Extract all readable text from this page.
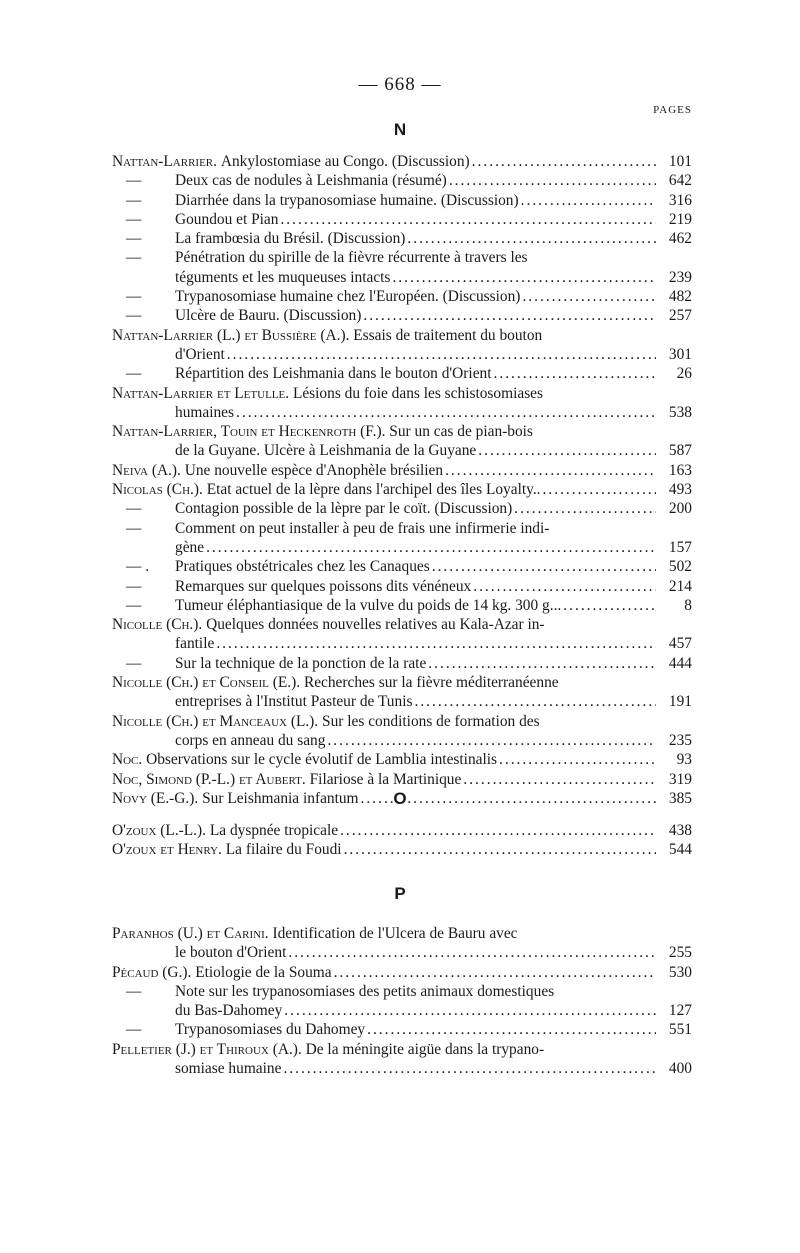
— 668 —
PAGES
N
Nattan-Larrier.
Ankylostomiase au Congo. (Discussion) .....	101
—	Deux cas de nodules à Leishmania (résumé) .....	642
—	Diarrhée dans la trypanosomiase humaine. (Discussion) .....	316
—	Goundou et Pian .....	219
—	La frambœsia du Brésil. (Discussion) .....	462
—	Pénétration du spirille de la fièvre récurrente à travers les
téguments et les muqueuses intacts .....	239
—	Trypanosomiase humaine chez l'Européen. (Discussion) .....	482
—	Ulcère de Bauru. (Discussion) .....	257
Nattan-Larrier (L.) et Bussière (A.).
Essais de traitement du bouton
d'Orient .....	301
—	Répartition des Leishmania dans le bouton d'Orient .....	26
Nattan-Larrier et Letulle.
Lésions du foie dans les schistosomiases
humaines .....	538
Nattan-Larrier, Touin et Heckenroth (F.).
Sur un cas de pian-bois
de la Guyane. Ulcère à Leishmania de la Guyane .....	587
Neiva (A.).
Une nouvelle espèce d'Anophèle brésilien .....	163
Nicolas (Ch.).
Etat actuel de la lèpre dans l'archipel des îles Loyalty.. .....	493
—	Contagion possible de la lèpre par le coït. (Discussion) .....	200
—	Comment on peut installer à peu de frais une infirmerie indi-
gène .....	157
— .	Pratiques obstétricales chez les Canaques .....	502
—	Remarques sur quelques poissons dits vénéneux .....	214
—	Tumeur éléphantiasique de la vulve du poids de 14 kg. 300 g... .....	8
Nicolle (Ch.).
Quelques données nouvelles relatives au Kala-Azar in-
fantile .....	457
—	Sur la technique de la ponction de la rate .....	444
Nicolle (Ch.) et Conseil (E.).
Recherches sur la fièvre méditerranéenne
entreprises à l'Institut Pasteur de Tunis .....	191
Nicolle (Ch.) et Manceaux (L.).
Sur les conditions de formation des
corps en anneau du sang .....	235
Noc.
Observations sur le cycle évolutif de Lamblia intestinalis .....	93
Noc, Simond (P.-L.) et Aubert.
Filariose à la Martinique .....	319
Novy (E.-G.).
Sur Leishmania infantum .....	385
O
O'zoux (L.-L.).
La dyspnée tropicale .....	438
O'zoux et Henry.
La filaire du Foudi .....	544
P
Paranhos (U.) et Carini.
Identification de l'Ulcera de Bauru avec
le bouton d'Orient .....	255
Pécaud (G.).
Etiologie de la Souma .....	530
—	Note sur les trypanosomiases des petits animaux domestiques
du Bas-Dahomey .....	127
—	Trypanosomiases du Dahomey .....	551
Pelletier (J.) et Thiroux (A.).
De la méningite aigüe dans la trypano-
somiase humaine .....	400
